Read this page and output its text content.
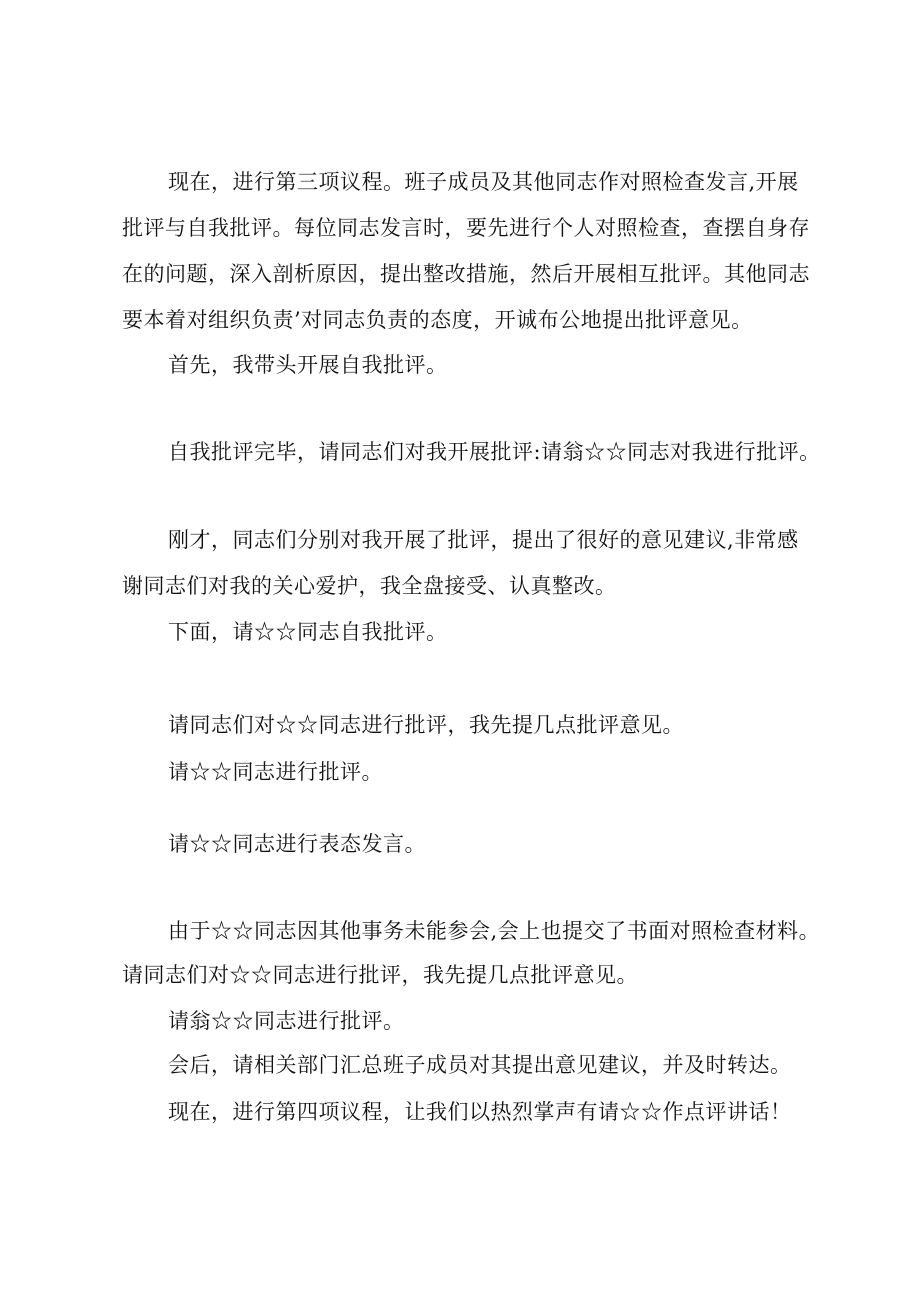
现在，进行第三项议程。班子成员及其他同志作对照检查发言,开展
批评与自我批评。每位同志发言时，要先进行个人对照检查，查摆自身存
在的问题，深入剖析原因，提出整改措施，然后开展相互批评。其他同志
要本着对组织负责’对同志负责的态度，开诚布公地提出批评意见。
首先，我带头开展自我批评。
自我批评完毕，请同志们对我开展批评:请翁☆☆同志对我进行批评。
刚才，同志们分别对我开展了批评，提出了很好的意见建议,非常感
谢同志们对我的关心爱护，我全盘接受、认真整改。
下面，请☆☆同志自我批评。
请同志们对☆☆同志进行批评，我先提几点批评意见。
请☆☆同志进行批评。
请☆☆同志进行表态发言。
由于☆☆同志因其他事务未能参会,会上也提交了书面对照检查材料。
请同志们对☆☆同志进行批评，我先提几点批评意见。
请翁☆☆同志进行批评。
会后，请相关部门汇总班子成员对其提出意见建议，并及时转达。
现在，进行第四项议程，让我们以热烈掌声有请☆☆作点评讲话！
